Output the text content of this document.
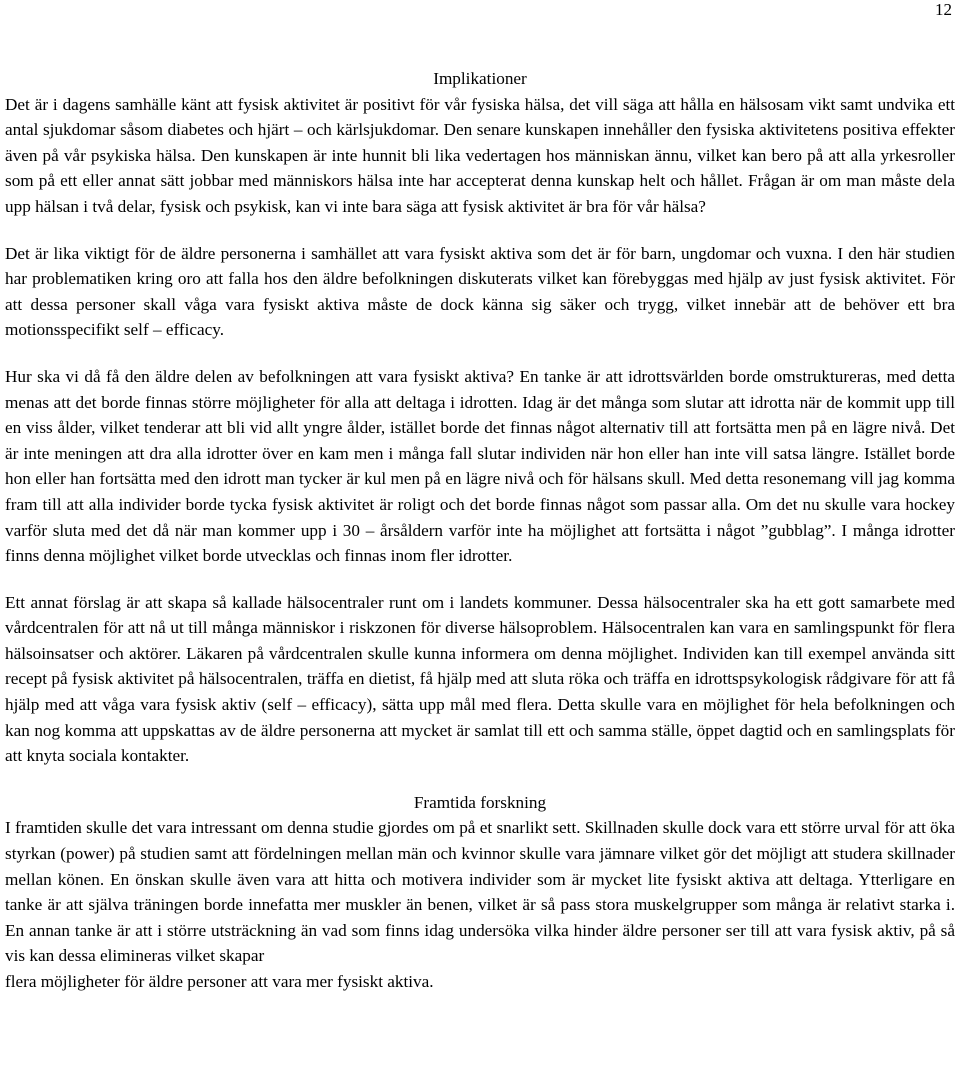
12
Implikationer

Det är i dagens samhälle känt att fysisk aktivitet är positivt för vår fysiska hälsa, det vill säga att hålla en hälsosam vikt samt undvika ett antal sjukdomar såsom diabetes och hjärt – och kärlsjukdomar. Den senare kunskapen innehåller den fysiska aktivitetens positiva effekter även på vår psykiska hälsa. Den kunskapen är inte hunnit bli lika vedertagen hos människan ännu, vilket kan bero på att alla yrkesroller som på ett eller annat sätt jobbar med människors hälsa inte har accepterat denna kunskap helt och hållet. Frågan är om man måste dela upp hälsan i två delar, fysisk och psykisk, kan vi inte bara säga att fysisk aktivitet är bra för vår hälsa?

Det är lika viktigt för de äldre personerna i samhället att vara fysiskt aktiva som det är för barn, ungdomar och vuxna. I den här studien har problematiken kring oro att falla hos den äldre befolkningen diskuterats vilket kan förebyggas med hjälp av just fysisk aktivitet. För att dessa personer skall våga vara fysiskt aktiva måste de dock känna sig säker och trygg, vilket innebär att de behöver ett bra motionsspecifikt self – efficacy.

Hur ska vi då få den äldre delen av befolkningen att vara fysiskt aktiva? En tanke är att idrottsvärlden borde omstruktureras, med detta menas att det borde finnas större möjligheter för alla att deltaga i idrotten. Idag är det många som slutar att idrotta när de kommit upp till en viss ålder, vilket tenderar att bli vid allt yngre ålder, istället borde det finnas något alternativ till att fortsätta men på en lägre nivå. Det är inte meningen att dra alla idrotter över en kam men i många fall slutar individen när hon eller han inte vill satsa längre. Istället borde hon eller han fortsätta med den idrott man tycker är kul men på en lägre nivå och för hälsans skull. Med detta resonemang vill jag komma fram till att alla individer borde tycka fysisk aktivitet är roligt och det borde finnas något som passar alla. Om det nu skulle vara hockey varför sluta med det då när man kommer upp i 30 – årsåldern varför inte ha möjlighet att fortsätta i något ”gubblag”. I många idrotter finns denna möjlighet vilket borde utvecklas och finnas inom fler idrotter.

Ett annat förslag är att skapa så kallade hälsocentraler runt om i landets kommuner. Dessa hälsocentraler ska ha ett gott samarbete med vårdcentralen för att nå ut till många människor i riskzonen för diverse hälsoproblem. Hälsocentralen kan vara en samlingspunkt för flera hälsoinsatser och aktörer. Läkaren på vårdcentralen skulle kunna informera om denna möjlighet. Individen kan till exempel använda sitt recept på fysisk aktivitet på hälsocentralen, träffa en dietist, få hjälp med att sluta röka och träffa en idrottspsykologisk rådgivare för att få hjälp med att våga vara fysisk aktiv (self – efficacy), sätta upp mål med flera. Detta skulle vara en möjlighet för hela befolkningen och kan nog komma att uppskattas av de äldre personerna att mycket är samlat till ett och samma ställe, öppet dagtid och en samlingsplats för att knyta sociala kontakter.

Framtida forskning

I framtiden skulle det vara intressant om denna studie gjordes om på et snarlikt sett. Skillnaden skulle dock vara ett större urval för att öka styrkan (power) på studien samt att fördelningen mellan män och kvinnor skulle vara jämnare vilket gör det möjligt att studera skillnader mellan könen. En önskan skulle även vara att hitta och motivera individer som är mycket lite fysiskt aktiva att deltaga. Ytterligare en tanke är att själva träningen borde innefatta mer muskler än benen, vilket är så pass stora muskelgrupper som många är relativt starka i. En annan tanke är att i större utsträckning än vad som finns idag undersöka vilka hinder äldre personer ser till att vara fysisk aktiv, på så vis kan dessa elimineras vilket skapar

flera möjligheter för äldre personer att vara mer fysiskt aktiva.
